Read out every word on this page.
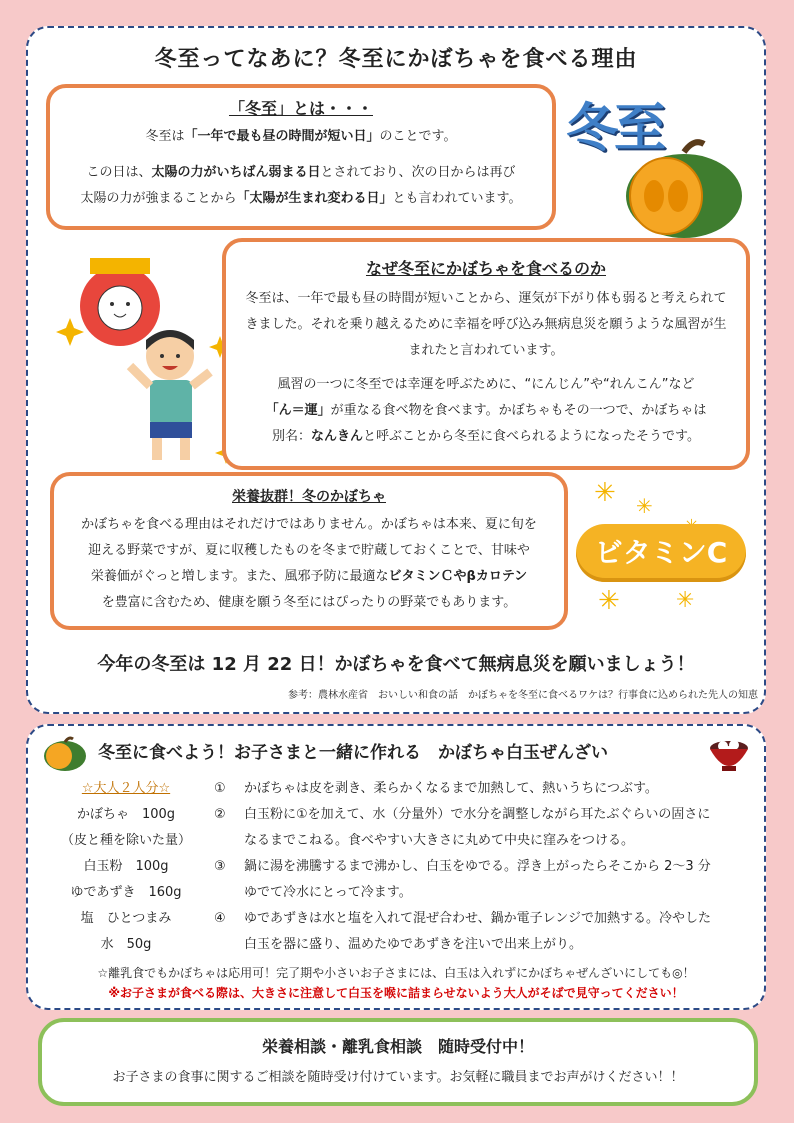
冬至ってなあに？冬至にかぼちゃを食べる理由
「冬至」とは・・・
冬至は「一年で最も昼の時間が短い日」のことです。
この日は、太陽の力がいちばん弱まる日とされており、次の日からは再び
太陽の力が強まることから「太陽が生まれ変わる日」とも言われています。
冬至
なぜ冬至にかぼちゃを食べるのか
冬至は、一年で最も昼の時間が短いことから、運気が下がり体も弱ると考えられてきました。それを乗り越えるために幸福を呼び込み無病息災を願うような風習が生まれたと言われています。
風習の一つに冬至では幸運を呼ぶために、“にんじん”や“れんこん”など
「ん＝運」が重なる食べ物を食べます。かぼちゃもその一つで、かぼちゃは
別名：なんきんと呼ぶことから冬至に食べられるようになったそうです。
栄養抜群！冬のかぼちゃ
かぼちゃを食べる理由はそれだけではありません。かぼちゃは本来、夏に旬を
迎える野菜ですが、夏に収穫したものを冬まで貯蔵しておくことで、甘味や
栄養価がぐっと増します。また、風邪予防に最適なビタミンＣやβカロテン
を豊富に含むため、健康を願う冬至にはぴったりの野菜でもあります。
✳ ✳
✳	✳
ビタミンC
今年の冬至は 12 月 22 日！かぼちゃを食べて無病息災を願いましょう！
参考：農林水産省　おいしい和食の話　かぼちゃを冬至に食べるワケは？行事食に込められた先人の知恵
冬至に食べよう！お子さまと一緒に作れる　かぼちゃ白玉ぜんざい
☆大人２人分☆
かぼちゃ　100g
（皮と種を除いた量）
白玉粉　100g
ゆであずき　160g
塩　ひとつまみ
水　50g
①	かぼちゃは皮を剥き、柔らかくなるまで加熱して、熱いうちにつぶす。
②	白玉粉に①を加えて、水（分量外）で水分を調整しながら耳たぶぐらいの固さに
なるまでこねる。食べやすい大きさに丸めて中央に窪みをつける。
③	鍋に湯を沸騰するまで沸かし、白玉をゆでる。浮き上がったらそこから 2～3 分
ゆでて冷水にとって冷ます。
④	ゆであずきは水と塩を入れて混ぜ合わせ、鍋か電子レンジで加熱する。冷やした
白玉を器に盛り、温めたゆであずきを注いで出来上がり。
☆離乳食でもかぼちゃは応用可！完了期や小さいお子さまには、白玉は入れずにかぼちゃぜんざいにしても◎！
※お子さまが食べる際は、大きさに注意して白玉を喉に詰まらせないよう大人がそばで見守ってください！
栄養相談・離乳食相談　随時受付中！
お子さまの食事に関するご相談を随時受け付けています。お気軽に職員までお声がけください！！
